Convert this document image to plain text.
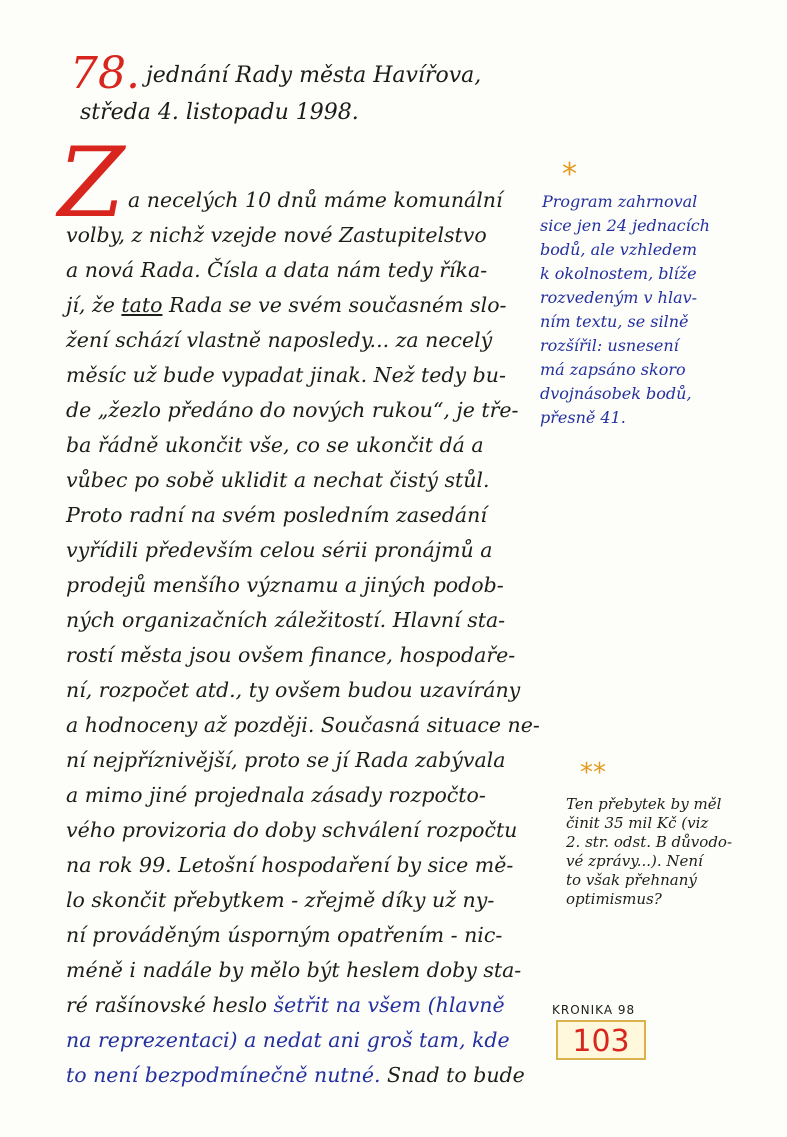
78. jednání Rady města Havířova,
středa 4. listopadu 1998.
Z a necelých 10 dnů máme komunální
volby, z nichž vzejde nové Zastupitelstvo
a nová Rada. Čísla a data nám tedy říka-
jí, že tato Rada se ve svém současném slo-
žení schází vlastně naposledy... za necelý
měsíc už bude vypadat jinak. Než tedy bu-
de „žezlo předáno do nových rukou“, je tře-
ba řádně ukončit vše, co se ukončit dá a
vůbec po sobě uklidit a nechat čistý stůl.
Proto radní na svém posledním zasedání
vyřídili především celou sérii pronájmů a
prodejů menšího významu a jiných podob-
ných organizačních záležitostí. Hlavní sta-
rostí města jsou ovšem finance, hospodaře-
ní, rozpočet atd., ty ovšem budou uzavírány
a hodnoceny až později. Současná situace ne-
ní nejpříznivější, proto se jí Rada zabývala
a mimo jiné projednala zásady rozpočto-
vého provizoria do doby schválení rozpočtu
na rok 99. Letošní hospodaření by sice mě-
lo skončit přebytkem - zřejmě díky už ny-
ní prováděným úsporným opatřením - nic-
méně i nadále by mělo být heslem doby sta-
ré rašínovské heslo šetřit na všem (hlavně
na reprezentaci) a nedat ani groš tam, kde
to není bezpodmínečně nutné. Snad to bude
*
Program zahrnoval
sice jen 24 jednacích
bodů, ale vzhledem
k okolnostem, blíže
rozvedeným v hlav-
ním textu, se silně
rozšířil: usnesení
má zapsáno skoro
dvojnásobek bodů,
přesně 41.
**
Ten přebytek by měl
činit 35 mil Kč (viz
2. str. odst. B důvodo-
vé zprávy...). Není
to však přehnaný
optimismus?
KRONIKA 98
103
